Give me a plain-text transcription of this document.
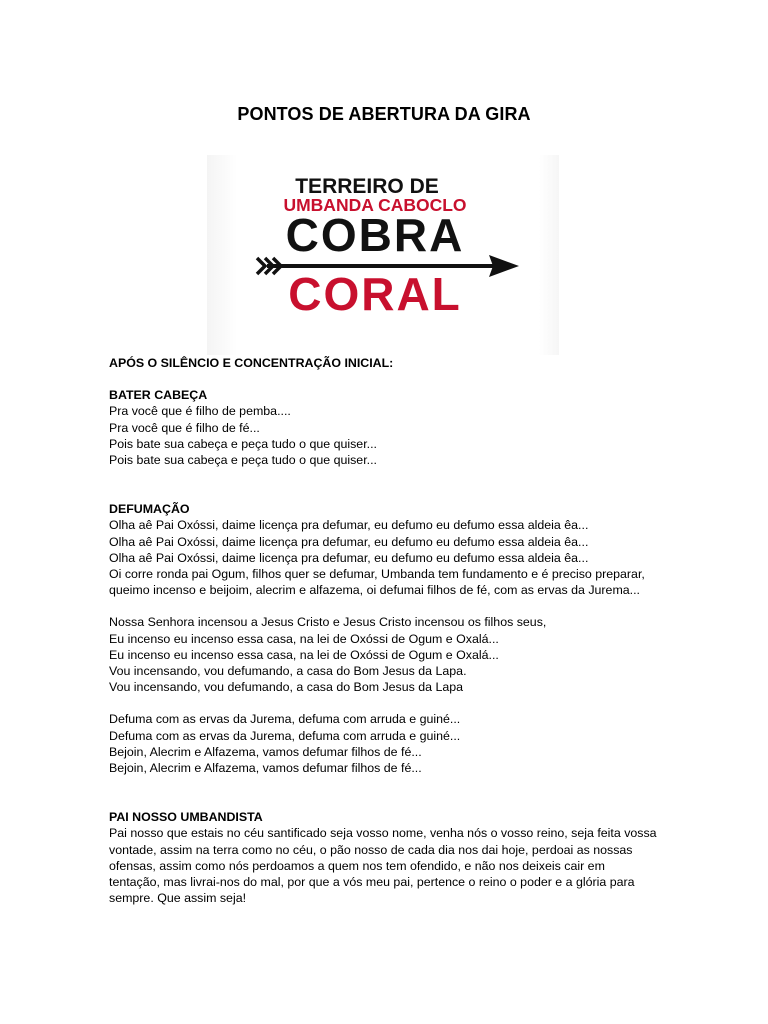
PONTOS DE ABERTURA DA GIRA
TERREIRO DE
UMBANDA CABOCLO
COBRA
CORAL
APÓS O SILÊNCIO E CONCENTRAÇÃO INICIAL:
BATER CABEÇA
Pra você que é filho de pemba....
Pra você que é filho de fé...
Pois bate sua cabeça e peça tudo o que quiser...
Pois bate sua cabeça e peça tudo o que quiser...
DEFUMAÇÃO
Olha aê Pai Oxóssi, daime licença pra defumar, eu defumo eu defumo essa aldeia êa...
Olha aê Pai Oxóssi, daime licença pra defumar, eu defumo eu defumo essa aldeia êa...
Olha aê Pai Oxóssi, daime licença pra defumar, eu defumo eu defumo essa aldeia êa...
Oi corre ronda pai Ogum, filhos quer se defumar, Umbanda tem fundamento e é preciso preparar, queimo incenso e beijoim, alecrim e alfazema, oi defumai filhos de fé, com as ervas da Jurema...
Nossa Senhora incensou a Jesus Cristo e Jesus Cristo incensou os filhos seus,
Eu incenso eu incenso essa casa, na lei de Oxóssi de Ogum e Oxalá...
Eu incenso eu incenso essa casa, na lei de Oxóssi de Ogum e Oxalá...
Vou incensando, vou defumando, a casa do Bom Jesus da Lapa.
Vou incensando, vou defumando, a casa do Bom Jesus da Lapa
Defuma com as ervas da Jurema, defuma com arruda e guiné...
Defuma com as ervas da Jurema, defuma com arruda e guiné...
Bejoin, Alecrim e Alfazema, vamos defumar filhos de fé...
Bejoin, Alecrim e Alfazema, vamos defumar filhos de fé...
PAI NOSSO UMBANDISTA
Pai nosso que estais no céu santificado seja vosso nome, venha nós o vosso reino, seja feita vossa vontade, assim na terra como no céu, o pão nosso de cada dia nos dai hoje, perdoai as nossas ofensas, assim como nós perdoamos a quem nos tem ofendido, e não nos deixeis cair em tentação, mas livrai-nos do mal, por que a vós meu pai, pertence o reino o poder e a glória para sempre. Que assim seja!
